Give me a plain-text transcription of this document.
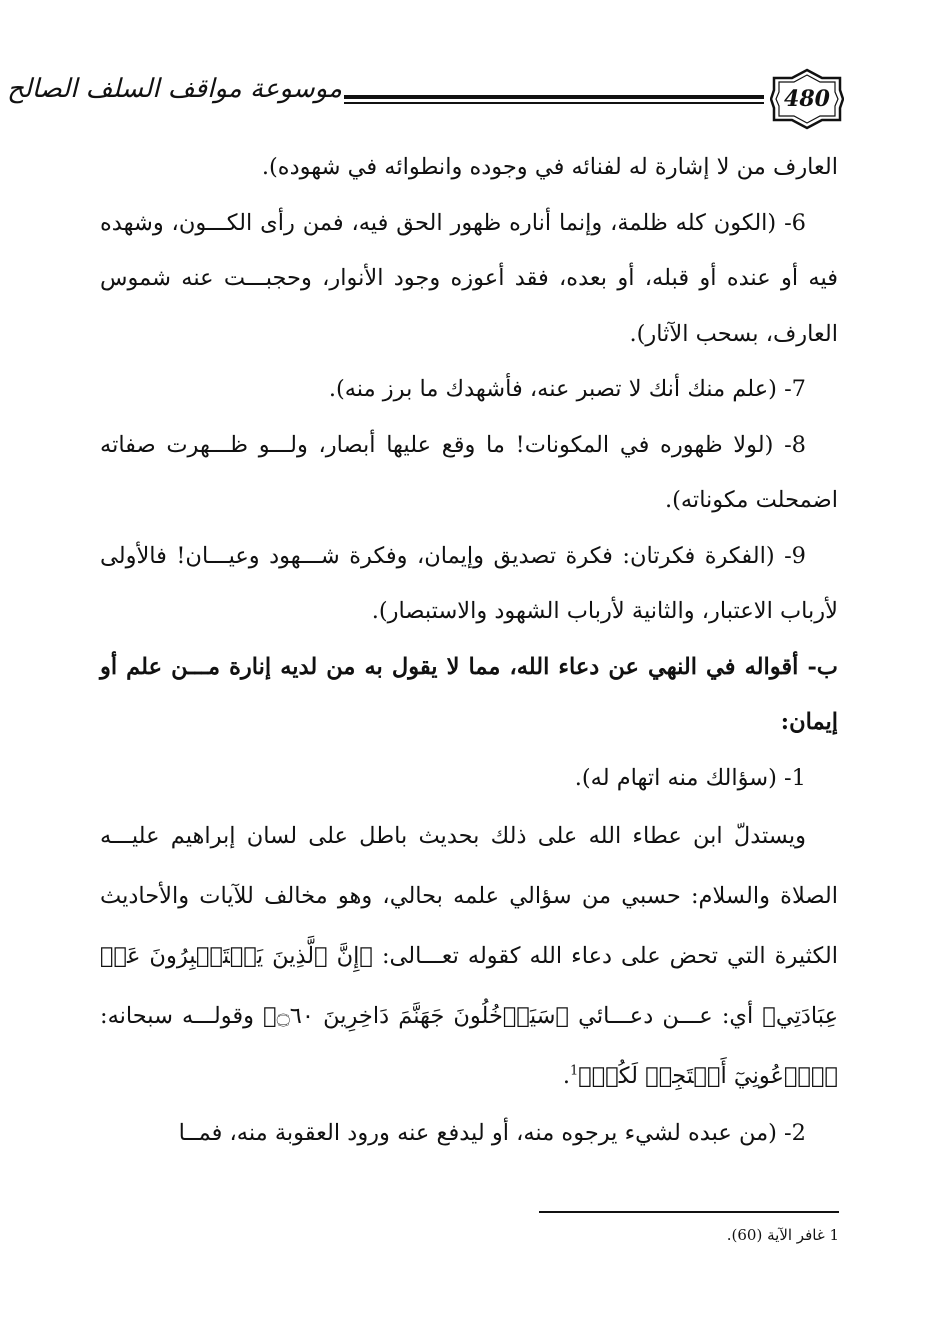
480
موسوعة مواقف السلف الصالح

العارف من لا إشارة له لفنائه في وجوده وانطوائه في شهوده).

6- (الكون كله ظلمة، وإنما أناره ظهور الحق فيه، فمن رأى الكـــون، وشهده فيه أو عنده أو قبله، أو بعده، فقد أعوزه وجود الأنوار، وحجبـــت عنه شموس العارف، بسحب الآثار).

7- (علم منك أنك لا تصبر عنه، فأشهدك ما برز منه).

8- (لولا ظهوره في المكونات! ما وقع عليها أبصار، ولـــو ظـــهرت صفاته اضمحلت مكوناته).

9- (الفكرة فكرتان: فكرة تصديق وإيمان، وفكرة شـــهود وعيـــان! فالأولى لأرباب الاعتبار، والثانية لأرباب الشهود والاستبصار).

ب- أقواله في النهي عن دعاء الله، مما لا يقول به من لديه إنارة مـــن علم أو إيمان:

1- (سؤالك منه اتهام له).

ويستدلّ ابن عطاء الله على ذلك بحديث باطل على لسان إبراهيم عليـــه الصلاة والسلام: حسبي من سؤالي علمه بحالي، وهو مخالف للآيات والأحاديث الكثيرة التي تحض على دعاء الله كقوله تعـــالى: ﴿إِنَّ ٱلَّذِينَ يَسۡتَكۡبِرُونَ عَنۡ عِبَادَتِي﴾ أي: عـــن دعـــائي ﴿سَيَدۡخُلُونَ جَهَنَّمَ دَاخِرِينَ ۝٦٠﴾ وقولـــه سبحانه: ﴿ٱدۡعُونِيٓ أَسۡتَجِبۡ لَكُمۡ﴾$^1$.

2- (من عبده لشيء يرجوه منه، أو ليدفع عنه ورود العقوبة منه، فمــا

1 غافر الآية (60).
